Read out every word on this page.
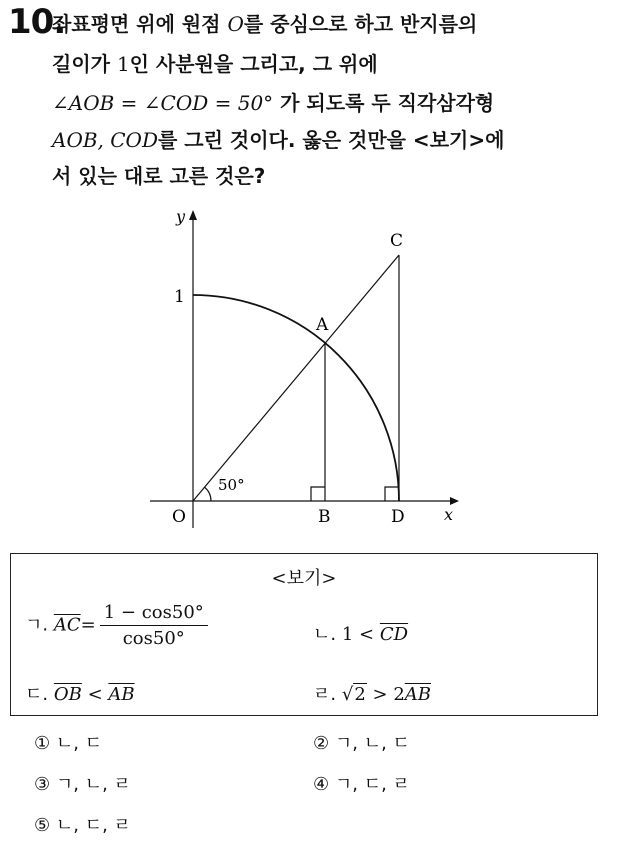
10.
좌표평면 위에 원점 O를 중심으로 하고 반지름의
길이가 1인 사분원을 그리고, 그 위에
∠AOB = ∠COD = 50° 가 되도록 두 직각삼각형
AOB, COD를 그린 것이다. 옳은 것만을 <보기>에
서 있는 대로 고른 것은?
y
x
1
50°
O
A
B
C
D
<보기>
ㄱ. $\overline{AC}= \frac{1 - \cos 50^\circ}{\cos 50^\circ}$	ㄴ. $1 < \overline{CD}$
ㄷ. $\overline{OB} < \overline{AB}$	ㄹ. $√2 > 2\overline{AB}$
① ㄴ, ㄷ	② ㄱ, ㄴ, ㄷ
③ ㄱ, ㄴ, ㄹ	④ ㄱ, ㄷ, ㄹ
⑤ ㄴ, ㄷ, ㄹ
